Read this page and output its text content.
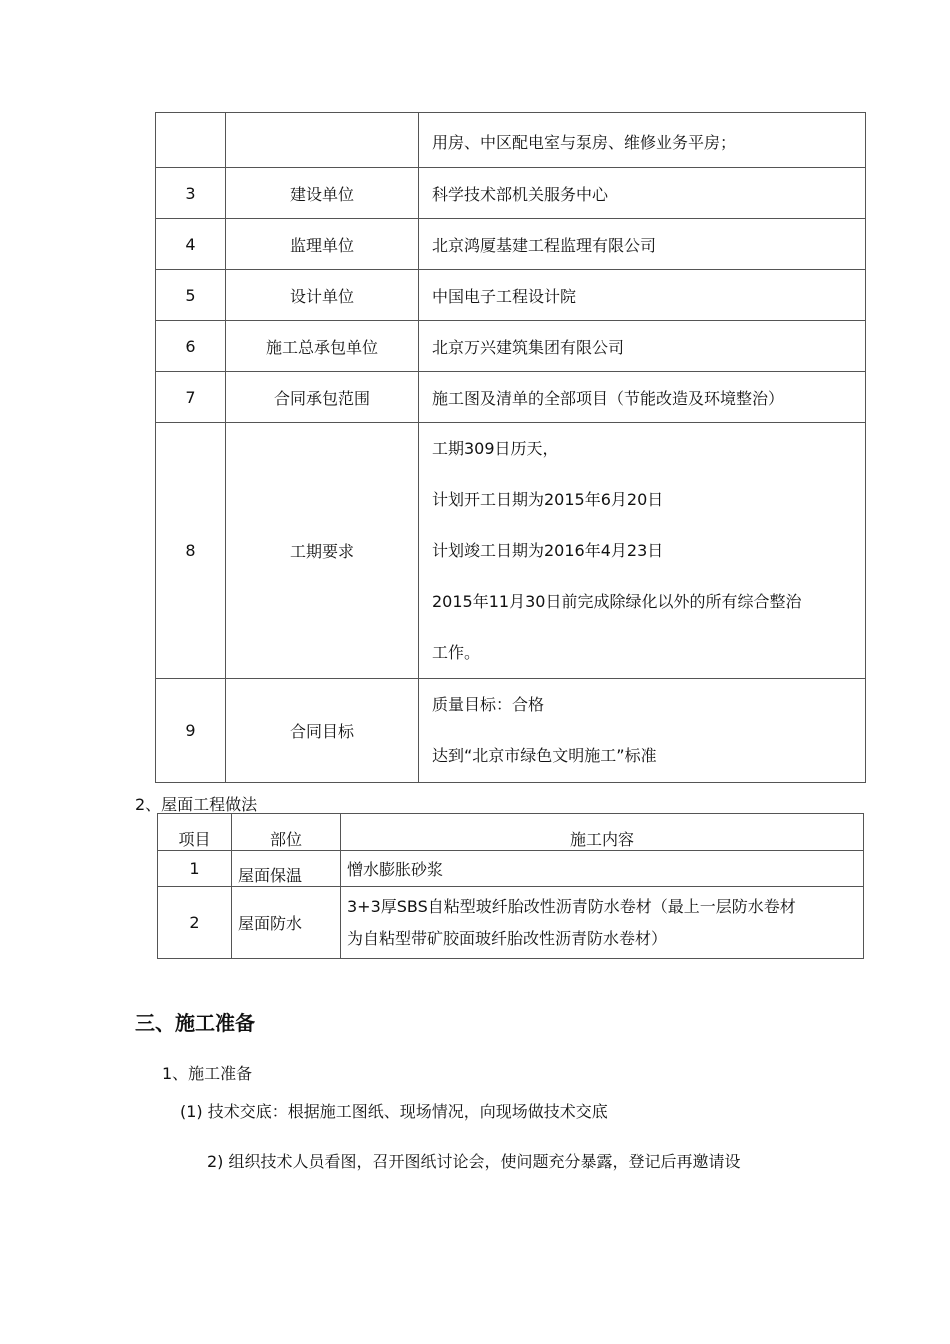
		用房、中区配电室与泵房、维修业务平房；

3	建设单位	科学技术部机关服务中心

4	监理单位	北京鸿厦基建工程监理有限公司

5	设计单位	中国电子工程设计院

6	施工总承包单位	北京万兴建筑集团有限公司

7	合同承包范围	施工图及清单的全部项目（节能改造及环境整治）

8	工期要求	工期309日历天，
计划开工日期为2015年6月20日
计划竣工日期为2016年4月23日
2015年11月30日前完成除绿化以外的所有综合整治
工作。

9	合同目标	质量目标：合格
达到“北京市绿色文明施工”标准
2、屋面工程做法
项目	部位	施工内容
1	屋面保温	憎水膨胀砂浆

2	屋面防水	3+3厚SBS自粘型玻纤胎改性沥青防水卷材（最上一层防水卷材
为自粘型带矿胶面玻纤胎改性沥青防水卷材）
三、施工准备
1、施工准备
(1) 技术交底：根据施工图纸、现场情况，向现场做技术交底
2) 组织技术人员看图，召开图纸讨论会，使问题充分暴露，登记后再邀请设
